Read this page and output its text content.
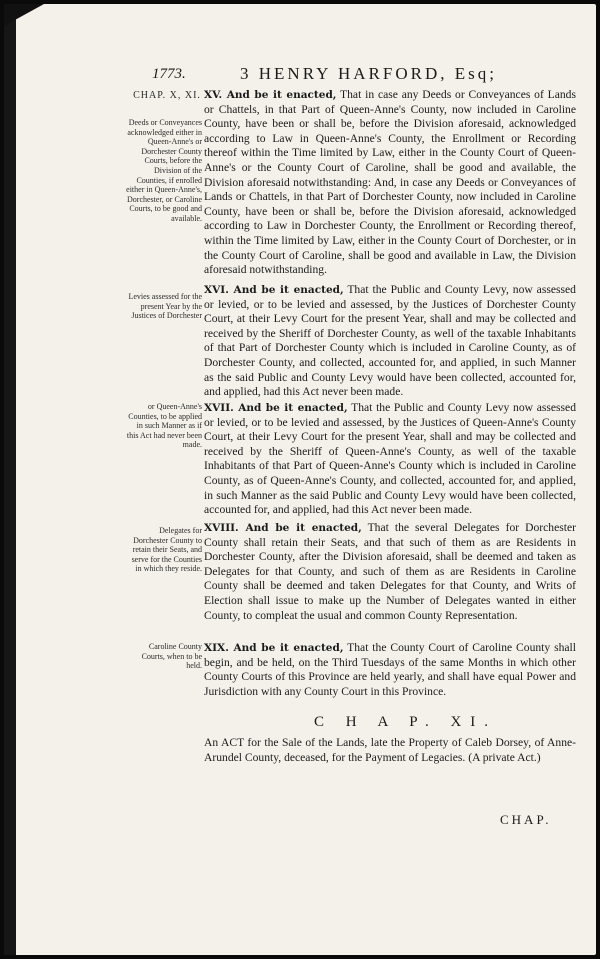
1773.	3 HENRY HARFORD, Esq;
CHAP. X, XI.
Deeds or Conveyances acknowledged either in Queen-Anne's or Dorchester County Courts, before the Division of the Counties, if enrolled either in Queen-Anne's, Dorchester, or Caroline Courts, to be good and available.
XV. And be it enacted, That in case any Deeds or Conveyances of Lands or Chattels, in that Part of Queen-Anne's County, now included in Caroline County, have been or shall be, before the Division aforesaid, acknowledged according to Law in Queen-Anne's County, the Enrollment or Recording thereof within the Time limited by Law, either in the County Court of Queen-Anne's or the County Court of Caroline, shall be good and available, the Division aforesaid notwithstanding: And, in case any Deeds or Conveyances of Lands or Chattels, in that Part of Dorchester County, now included in Caroline County, have been or shall be, before the Division aforesaid, acknowledged according to Law in Dorchester County, the Enrollment or Recording thereof, within the Time limited by Law, either in the County Court of Dorchester, or in the County Court of Caroline, shall be good and available in Law, the Division aforesaid notwithstanding.
Levies assessed for the present Year by the Justices of Dorchester
XVI. And be it enacted, That the Public and County Levy, now assessed or levied, or to be levied and assessed, by the Justices of Dorchester County Court, at their Levy Court for the present Year, shall and may be collected and received by the Sheriff of Dorchester County, as well of the taxable Inhabitants of that Part of Dorchester County which is included in Caroline County, as of Dorchester County, and collected, accounted for, and applied, in such Manner as the said Public and County Levy would have been collected, accounted for, and applied, had this Act never been made.
or Queen-Anne's Counties, to be applied in such Manner as if this Act had never been made.
XVII. And be it enacted, That the Public and County Levy now assessed or levied, or to be levied and assessed, by the Justices of Queen-Anne's County Court, at their Levy Court for the present Year, shall and may be collected and received by the Sheriff of Queen-Anne's County, as well of the taxable Inhabitants of that Part of Queen-Anne's County which is included in Caroline County, as of Queen-Anne's County, and collected, accounted for, and applied, in such Manner as the said Public and County Levy would have been collected, accounted for, and applied, had this Act never been made.
Delegates for Dorchester County to retain their Seats, and serve for the Counties in which they reside.
XVIII. And be it enacted, That the several Delegates for Dorchester County shall retain their Seats, and that such of them as are Residents in Dorchester County, after the Division aforesaid, shall be deemed and taken as Delegates for that County, and such of them as are Residents in Caroline County shall be deemed and taken Delegates for that County, and Writs of Election shall issue to make up the Number of Delegates wanted in either County, to compleat the usual and common County Representation.
Caroline County Courts, when to be held.
XIX. And be it enacted, That the County Court of Caroline County shall begin, and be held, on the Third Tuesdays of the same Months in which other County Courts of this Province are held yearly, and shall have equal Power and Jurisdiction with any County Court in this Province.
C H A P. XI.
An ACT for the Sale of the Lands, late the Property of Caleb Dorsey, of Anne-Arundel County, deceased, for the Payment of Legacies. (A private Act.)
CHAP.
